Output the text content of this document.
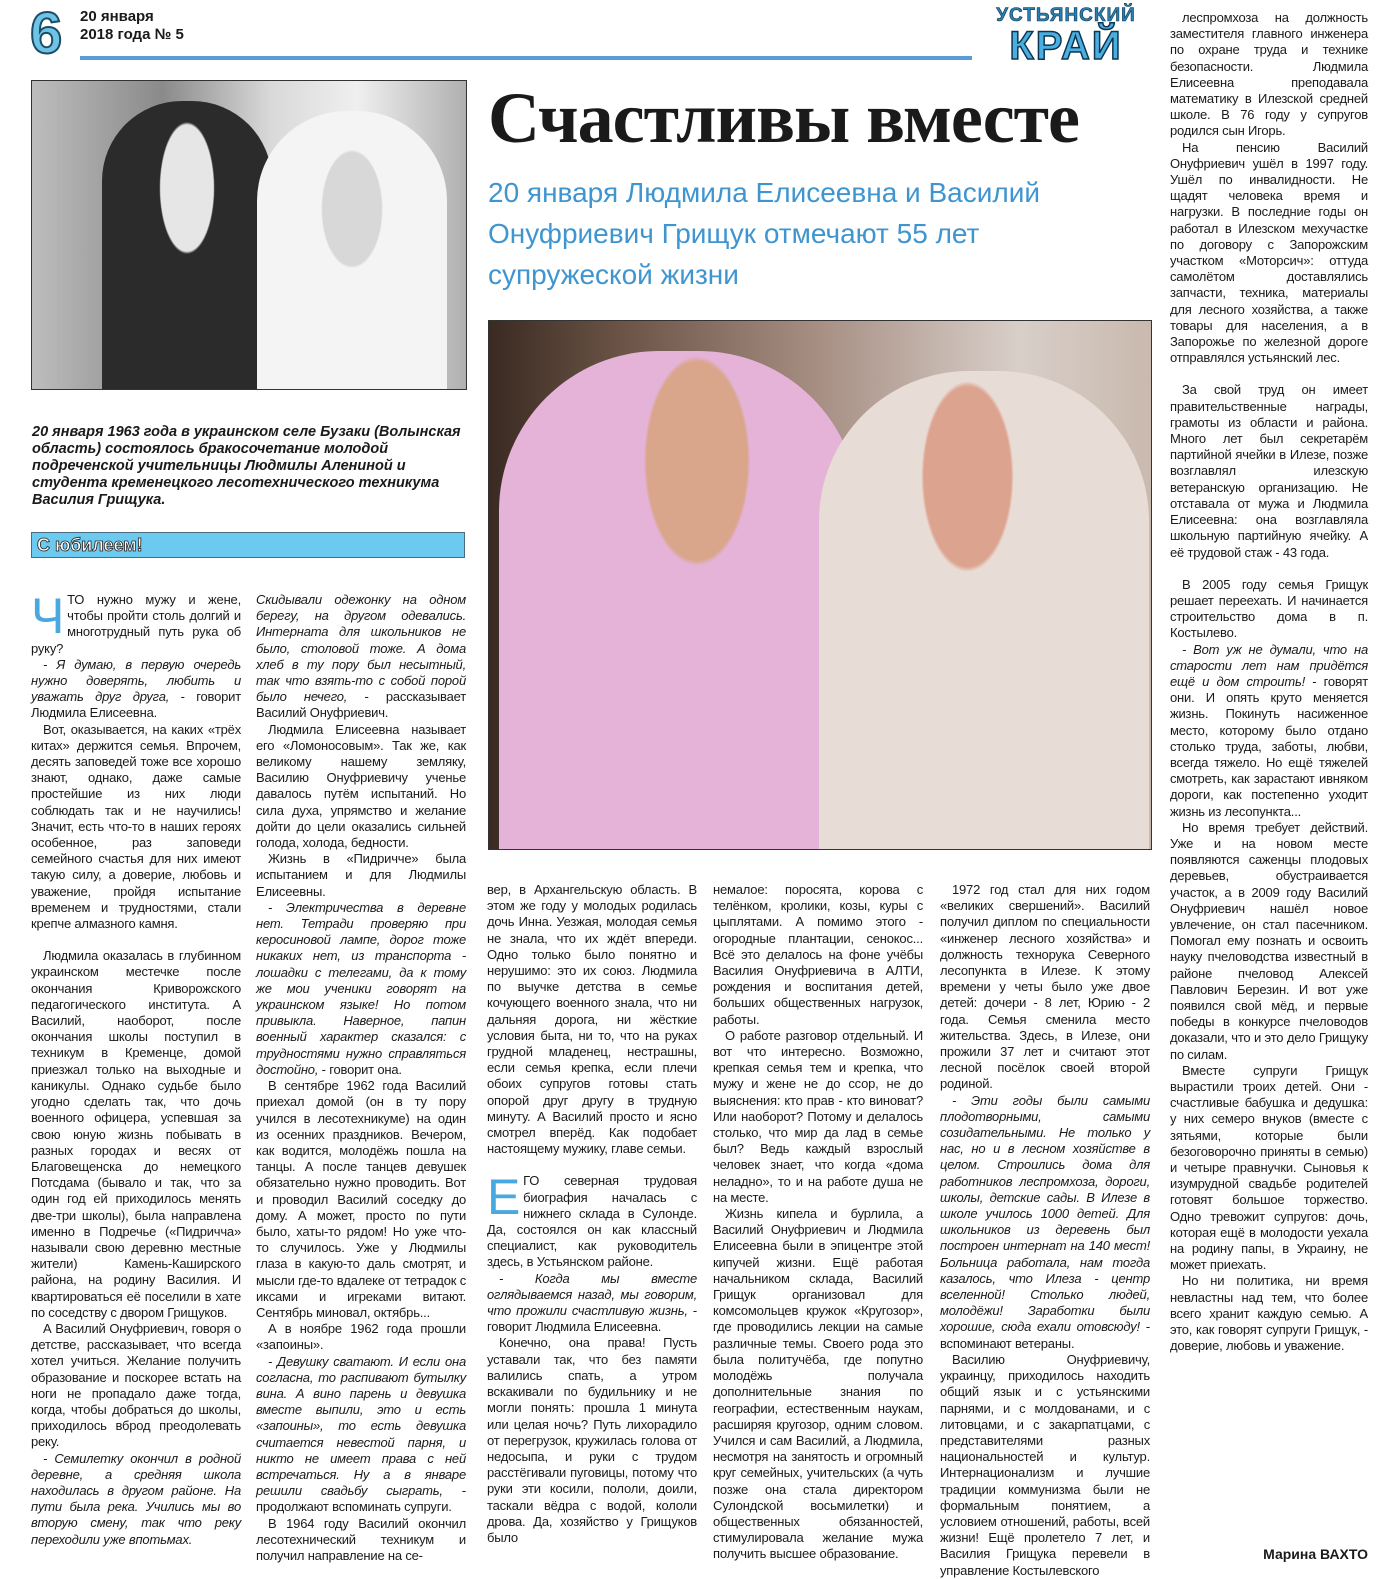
6 20 января
2018 года № 5
УСТЬЯНСКИЙ
КРАЙ
20 января 1963 года в украинском селе Бузаки (Волынская область) состоялось бракосочетание молодой подреченской учительницы Людмилы Алениной и студента кременецкого лесотехнического техникума Василия Грищука.
С юбилеем!
Счастливы вместе
20 января Людмила Елисеевна и Василий Онуфриевич Грищук отмечают 55 лет супружеской жизни

ЧТО нужно мужу и жене, чтобы пройти столь долгий и многотрудный путь рука об руку?

- Я думаю, в первую очередь нужно доверять, любить и уважать друг друга, - говорит Людмила Елисеевна.

Вот, оказывается, на каких «трёх китах» держится семья. Впрочем, десять заповедей тоже все хорошо знают, однако, даже самые простейшие из них люди соблюдать так и не научились! Значит, есть что-то в наших героях особенное, раз заповеди семейного счастья для них имеют такую силу, а доверие, любовь и уважение, пройдя испытание временем и трудностями, стали крепче алмазного камня.

Людмила оказалась в глубинном украинском местечке после окончания Криворожского педагогического института. А Василий, наоборот, после окончания школы поступил в техникум в Кременце, домой приезжал только на выходные и каникулы. Однако судьбе было угодно сделать так, что дочь военного офицера, успевшая за свою юную жизнь побывать в разных городах и весях от Благовещенска до немецкого Потсдама (бывало и так, что за один год ей приходилось менять две-три школы), была направлена именно в Подречье («Пидричча» называли свою деревню местные жители) Камень-Каширского района, на родину Василия. И квартироваться её поселили в хате по соседству с двором Грищуков.

А Василий Онуфриевич, говоря о детстве, рассказывает, что всегда хотел учиться. Желание получить образование и поскорее встать на ноги не пропадало даже тогда, когда, чтобы добраться до школы, приходилось вброд преодолевать реку.

- Семилетку окончил в родной деревне, а средняя школа находилась в другом районе. На пути была река. Учились мы во вторую смену, так что реку переходили уже впотьмах.

Скидывали одежонку на одном берегу, на другом одевались. Интерната для школьников не было, столовой тоже. А дома хлеб в ту пору был несытный, так что взять-то с собой порой было нечего, - рассказывает Василий Онуфриевич.

Людмила Елисеевна называет его «Ломоносовым». Так же, как великому нашему земляку, Василию Онуфриевичу ученье давалось путём испытаний. Но сила духа, упрямство и желание дойти до цели оказались сильней голода, холода, бедности.

Жизнь в «Пидричче» была испытанием и для Людмилы Елисеевны.

- Электричества в деревне нет. Тетради проверяю при керосиновой лампе, дорог тоже никаких нет, из транспорта - лошадки с телегами, да к тому же мои ученики говорят на украинском языке! Но потом привыкла. Наверное, папин военный характер сказался: с трудностями нужно справляться достойно, - говорит она.

В сентябре 1962 года Василий приехал домой (он в ту пору учился в лесотехникуме) на один из осенних праздников. Вечером, как водится, молодёжь пошла на танцы. А после танцев девушек обязательно нужно проводить. Вот и проводил Василий соседку до дому. А может, просто по пути было, хаты-то рядом! Но уже что-то случилось. Уже у Людмилы глаза в какую-то даль смотрят, и мысли где-то вдалеке от тетрадок с иксами и игреками витают. Сентябрь миновал, октябрь...

А в ноябре 1962 года прошли «запоины».

- Девушку сватают. И если она согласна, то распивают бутылку вина. А вино парень и девушка вместе выпили, это и есть «запоины», то есть девушка считается невестой парня, и никто не имеет права с ней встречаться. Ну а в январе решили свадьбу сыграть, - продолжают вспоминать супруги.

В 1964 году Василий окончил лесотехнический техникум и получил направление на се-

вер, в Архангельскую область. В этом же году у молодых родилась дочь Инна. Уезжая, молодая семья не знала, что их ждёт впереди. Одно только было понятно и нерушимо: это их союз. Людмила по выучке детства в семье кочующего военного знала, что ни дальняя дорога, ни жёсткие условия быта, ни то, что на руках грудной младенец, нестрашны, если семья крепка, если плечи обоих супругов готовы стать опорой друг другу в трудную минуту. А Василий просто и ясно смотрел вперёд. Как подобает настоящему мужику, главе семьи.

ЕГО северная трудовая биография началась с нижнего склада в Сулонде. Да, состоялся он как классный специалист, как руководитель здесь, в Устьянском районе.

- Когда мы вместе оглядываемся назад, мы говорим, что прожили счастливую жизнь, - говорит Людмила Елисеевна.

Конечно, она права! Пусть уставали так, что без памяти валились спать, а утром вскакивали по будильнику и не могли понять: прошла 1 минута или целая ночь? Путь лихорадило от перегрузок, кружилась голова от недосыпа, и руки с трудом расстёгивали пуговицы, потому что руки эти косили, пололи, доили, таскали вёдра с водой, кололи дрова. Да, хозяйство у Грищуков было

немалое: поросята, корова с телёнком, кролики, козы, куры с цыплятами. А помимо этого - огородные плантации, сенокос... Всё это делалось на фоне учёбы Василия Онуфриевича в АЛТИ, рождения и воспитания детей, больших общественных нагрузок, работы.

О работе разговор отдельный. И вот что интересно. Возможно, крепкая семья тем и крепка, что мужу и жене не до ссор, не до выяснения: кто прав - кто виноват? Или наоборот? Потому и делалось столько, что мир да лад в семье был? Ведь каждый взрослый человек знает, что когда «дома неладно», то и на работе душа не на месте.

Жизнь кипела и бурлила, а Василий Онуфриевич и Людмила Елисеевна были в эпицентре этой кипучей жизни. Ещё работая начальником склада, Василий Грищук организовал для комсомольцев кружок «Кругозор», где проводились лекции на самые различные темы. Своего рода это была политучёба, где попутно молодёжь получала дополнительные знания по географии, естественным наукам, расширяя кругозор, одним словом. Учился и сам Василий, а Людмила, несмотря на занятость и огромный круг семейных, учительских (а чуть позже она стала директором Сулондской восьмилетки) и общественных обязанностей, стимулировала желание мужа получить высшее образование.

1972 год стал для них годом «великих свершений». Василий получил диплом по специальности «инженер лесного хозяйства» и должность технорука Северного лесопункта в Илезе. К этому времени у четы было уже двое детей: дочери - 8 лет, Юрию - 2 года. Семья сменила место жительства. Здесь, в Илезе, они прожили 37 лет и считают этот лесной посёлок своей второй родиной.

- Эти годы были самыми плодотворными, самыми созидательными. Не только у нас, но и в лесном хозяйстве в целом. Строились дома для работников леспромхоза, дороги, школы, детские сады. В Илезе в школе училось 1000 детей. Для школьников из деревень был построен интернат на 140 мест! Больница работала, нам тогда казалось, что Илеза - центр вселенной! Столько людей, молодёжи! Заработки были хорошие, сюда ехали отовсюду! - вспоминают ветераны.

Василию Онуфриевичу, украинцу, приходилось находить общий язык и с устьянскими парнями, и с молдованами, и с литовцами, и с закарпатцами, с представителями разных национальностей и культур. Интернационализм и лучшие традиции коммунизма были не формальным понятием, а условием отношений, работы, всей жизни! Ещё пролетело 7 лет, и Василия Грищука перевели в управление Костылевского

леспромхоза на должность заместителя главного инженера по охране труда и технике безопасности. Людмила Елисеевна преподавала математику в Илезской средней школе. В 76 году у супругов родился сын Игорь.

На пенсию Василий Онуфриевич ушёл в 1997 году. Ушёл по инвалидности. Не щадят человека время и нагрузки. В последние годы он работал в Илезском мехучастке по договору с Запорожским участком «Моторсич»: оттуда самолётом доставлялись запчасти, техника, материалы для лесного хозяйства, а также товары для населения, а в Запорожье по железной дороге отправлялся устьянский лес.

За свой труд он имеет правительственные награды, грамоты из области и района. Много лет был секретарём партийной ячейки в Илезе, позже возглавлял илезскую ветеранскую организацию. Не отставала от мужа и Людмила Елисеевна: она возглавляла школьную партийную ячейку. А её трудовой стаж - 43 года.

В 2005 году семья Грищук решает переехать. И начинается строительство дома в п. Костылево.

- Вот уж не думали, что на старости лет нам придётся ещё и дом строить! - говорят они. И опять круто меняется жизнь. Покинуть насиженное место, которому было отдано столько труда, заботы, любви, всегда тяжело. Но ещё тяжелей смотреть, как зарастают ивняком дороги, как постепенно уходит жизнь из лесопункта...

Но время требует действий. Уже и на новом месте появляются саженцы плодовых деревьев, обустраивается участок, а в 2009 году Василий Онуфриевич нашёл новое увлечение, он стал пасечником. Помогал ему познать и освоить науку пчеловодства известный в районе пчеловод Алексей Павлович Березин. И вот уже появился свой мёд, и первые победы в конкурсе пчеловодов доказали, что и это дело Грищуку по силам.

Вместе супруги Грищук вырастили троих детей. Они - счастливые бабушка и дедушка: у них семеро внуков (вместе с зятьями, которые были безоговорочно приняты в семью) и четыре правнучки. Сыновья к изумрудной свадьбе родителей готовят большое торжество. Одно тревожит супругов: дочь, которая ещё в молодости уехала на родину папы, в Украину, не может приехать.

Но ни политика, ни время невластны над тем, что более всего хранит каждую семью. А это, как говорят супруги Грищук, - доверие, любовь и уважение.

Марина ВАХТО
